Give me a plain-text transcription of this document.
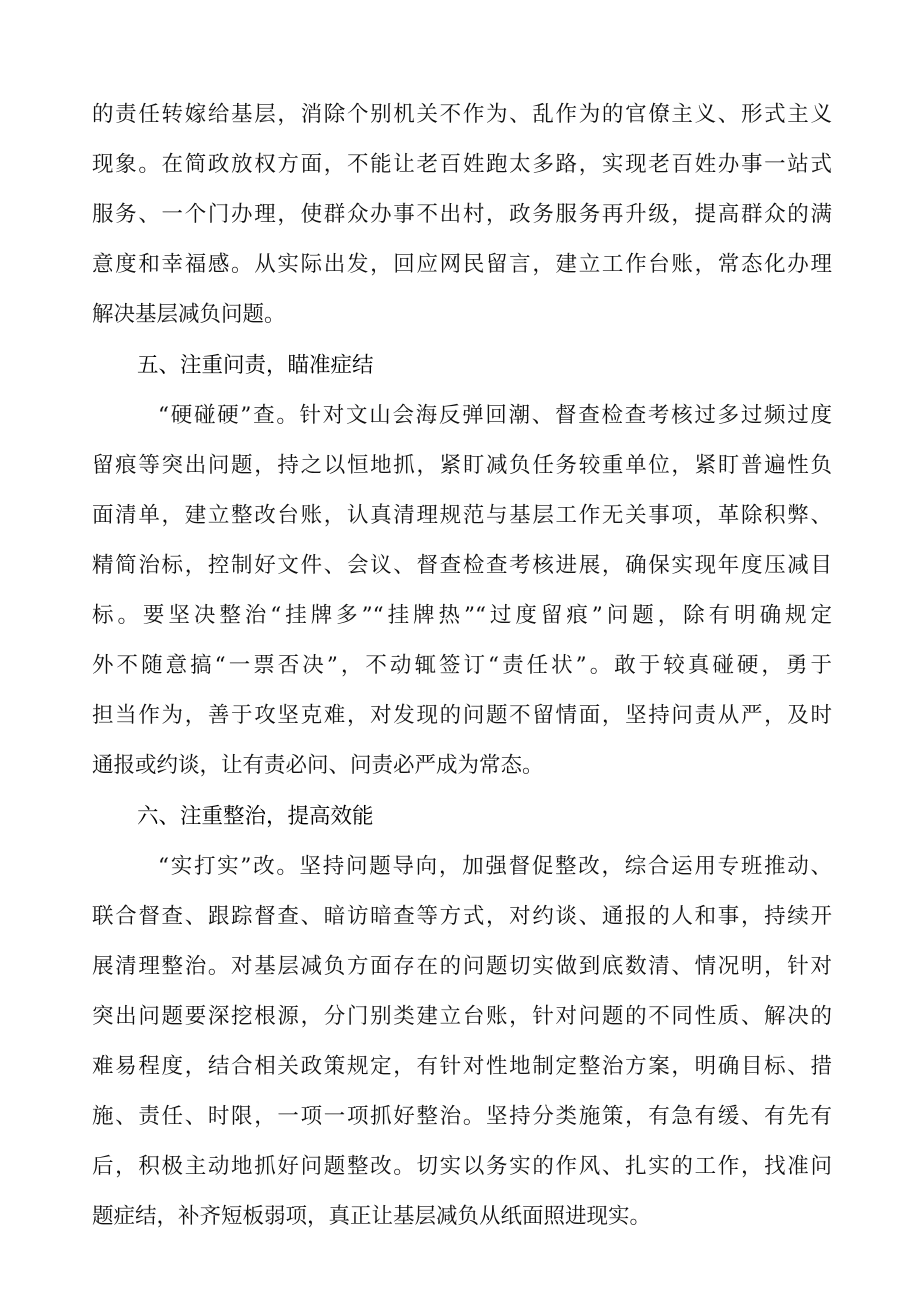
的责任转嫁给基层，消除个别机关不作为、乱作为的官僚主义、形式主义
现象。在简政放权方面，不能让老百姓跑太多路，实现老百姓办事一站式
服务、一个门办理，使群众办事不出村，政务服务再升级，提高群众的满
意度和幸福感。从实际出发，回应网民留言，建立工作台账，常态化办理
解决基层减负问题。
五、注重问责，瞄准症结
“硬碰硬”查。针对文山会海反弹回潮、督查检查考核过多过频过度
留痕等突出问题，持之以恒地抓，紧盯减负任务较重单位，紧盯普遍性负
面清单，建立整改台账，认真清理规范与基层工作无关事项，革除积弊、
精简治标，控制好文件、会议、督查检查考核进展，确保实现年度压减目
标。要坚决整治“挂牌多”“挂牌热”“过度留痕”问题，除有明确规定
外不随意搞“一票否决”，不动辄签订“责任状”。敢于较真碰硬，勇于
担当作为，善于攻坚克难，对发现的问题不留情面，坚持问责从严，及时
通报或约谈，让有责必问、问责必严成为常态。
六、注重整治，提高效能
“实打实”改。坚持问题导向，加强督促整改，综合运用专班推动、
联合督查、跟踪督查、暗访暗查等方式，对约谈、通报的人和事，持续开
展清理整治。对基层减负方面存在的问题切实做到底数清、情况明，针对
突出问题要深挖根源，分门别类建立台账，针对问题的不同性质、解决的
难易程度，结合相关政策规定，有针对性地制定整治方案，明确目标、措
施、责任、时限，一项一项抓好整治。坚持分类施策，有急有缓、有先有
后，积极主动地抓好问题整改。切实以务实的作风、扎实的工作，找准问
题症结，补齐短板弱项，真正让基层减负从纸面照进现实。
